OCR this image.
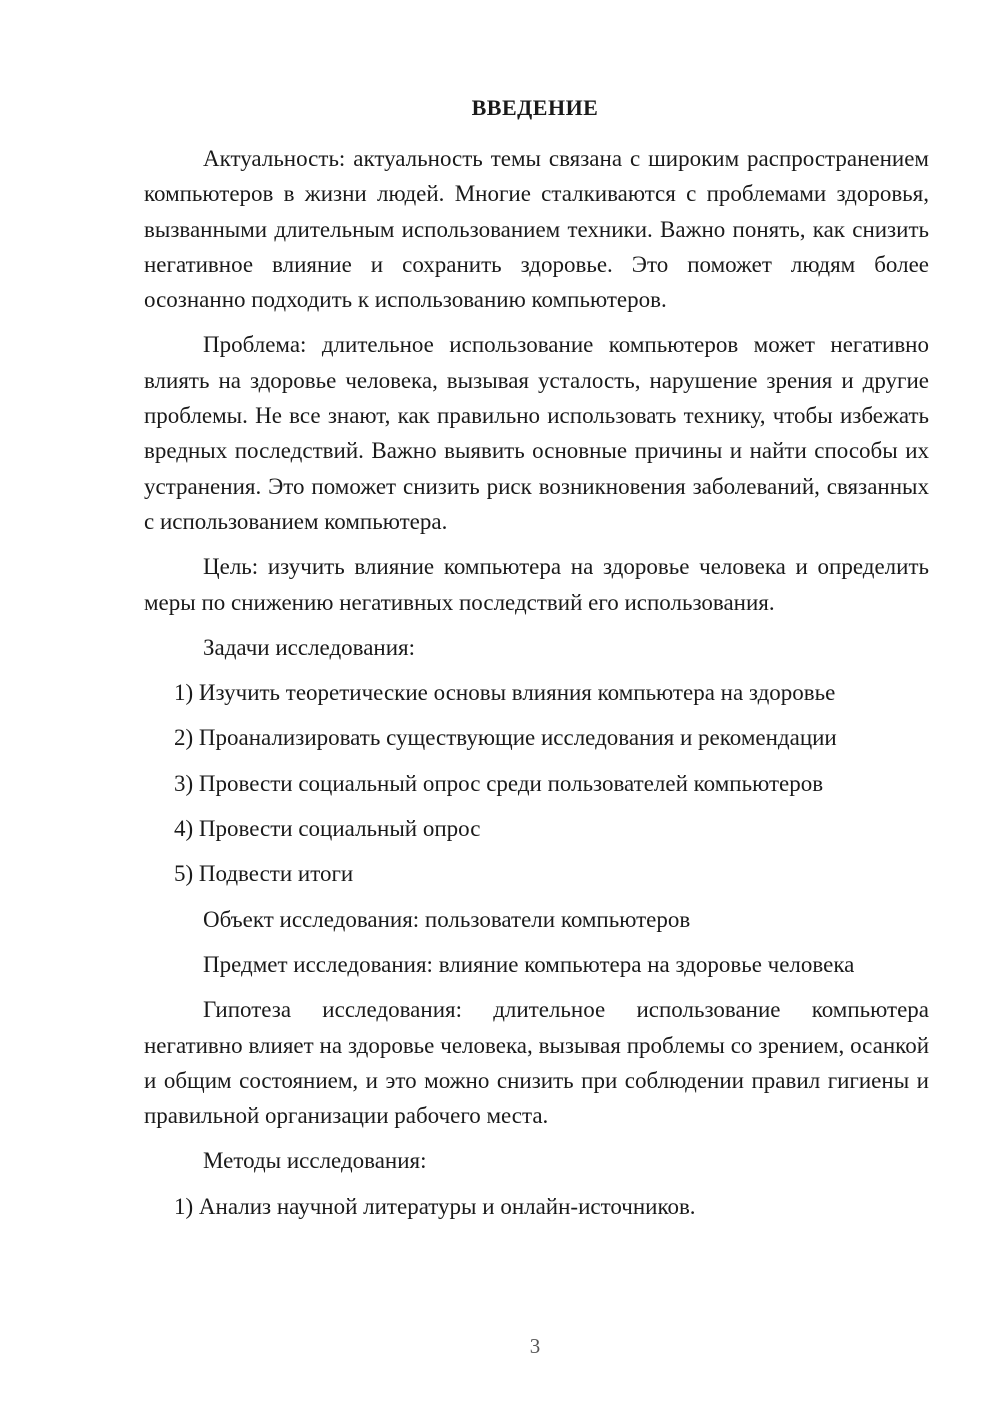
ВВЕДЕНИЕ

Актуальность: актуальность темы связана с широким распространением компьютеров в жизни людей. Многие сталкиваются с проблемами здоровья, вызванными длительным использованием техники. Важно понять, как снизить негативное влияние и сохранить здоровье. Это поможет людям более осознанно подходить к использованию компьютеров.

Проблема: длительное использование компьютеров может негативно влиять на здоровье человека, вызывая усталость, нарушение зрения и другие проблемы. Не все знают, как правильно использовать технику, чтобы избежать вредных последствий. Важно выявить основные причины и найти способы их устранения. Это поможет снизить риск возникновения заболеваний, связанных с использованием компьютера.

Цель: изучить влияние компьютера на здоровье человека и определить меры по снижению негативных последствий его использования.

Задачи исследования:

1) Изучить теоретические основы влияния компьютера на здоровье

2) Проанализировать существующие исследования и рекомендации

3) Провести социальный опрос среди пользователей компьютеров

4) Провести социальный опрос

5) Подвести итоги

Объект исследования: пользователи компьютеров

Предмет исследования: влияние компьютера на здоровье человека

Гипотеза исследования: длительное использование компьютера негативно влияет на здоровье человека, вызывая проблемы со зрением, осанкой и общим состоянием, и это можно снизить при соблюдении правил гигиены и правильной организации рабочего места.

Методы исследования:

1) Анализ научной литературы и онлайн-источников.

3
